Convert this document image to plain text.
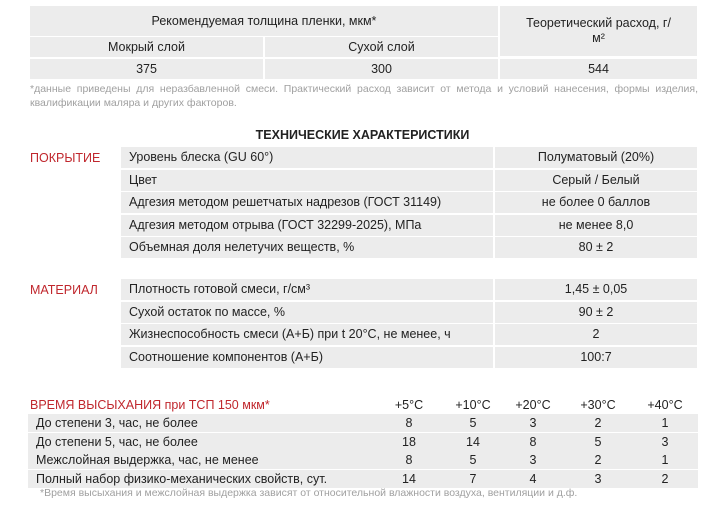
Рекомендуемая толщина пленки, мкм*	Теоретический расход, г/м²
Мокрый слой	Сухой слой
375	300	544
*данные приведены для неразбавленной смеси. Практический расход зависит от метода и условий нанесения, формы изделия, квалификации маляра и других факторов.
ТЕХНИЧЕСКИЕ ХАРАКТЕРИСТИКИ
ПОКРЫТИЕ
МАТЕРИАЛ
Уровень блеска (GU 60°)	Полуматовый (20%)
Цвет	Серый / Белый
Адгезия методом решетчатых надрезов (ГОСТ 31149)	не более 0 баллов
Адгезия методом отрыва (ГОСТ 32299-2025), МПа	не менее 8,0
Объемная доля нелетучих веществ, %	80 ± 2
Плотность готовой смеси, г/см³	1,45 ± 0,05
Сухой остаток по массе, %	90 ± 2
Жизнеспособность смеси (А+Б) при t 20°С, не менее, ч	2
Соотношение компонентов (А+Б)	100:7
ВРЕМЯ ВЫСЫХАНИЯ при ТСП 150 мкм*	+5°С	+10°С	+20°С	+30°С	+40°С
До степени 3, час, не более	8	5	3	2	1
До степени 5, час, не более	18	14	8	5	3
Межслойная выдержка, час, не менее	8	5	3	2	1
Полный набор физико-механических свойств, сут.	14	7	4	3	2
*Время высыхания и межслойная выдержка зависят от относительной влажности воздуха, вентиляции и д.ф.
